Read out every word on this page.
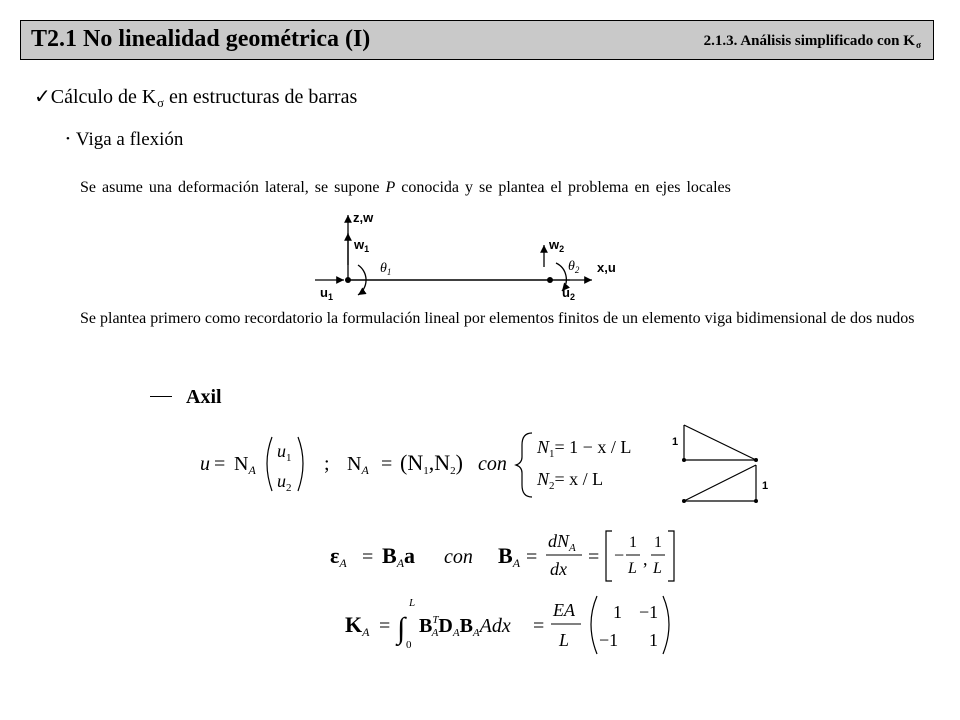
T2.1 No linealidad geométrica (I)	2.1.3. Análisis simplificado con $K_\sigma$
✓Cálculo de $K_\sigma$ en estructuras de barras
• Viga a flexión
Se asume una deformación lateral, se supone P conocida y se plantea el problema en ejes locales
z,w
$w_1$
$u_1$
$\theta_1$
$w_2$
$\theta_2$ x,u
$u_2$
Se plantea primero como recordatorio la formulación lineal por elementos finitos de un elemento viga bidimensional de dos nudos
Axil
$u = N_A$
$u_1$
$u_2$
; $N_A = (N1,N2)$ con
$N_1= 1 - x / L$
$N_2= x / L$
1
1
εA = BAa con BA =
$dN_A$
dx
= −
1
L ,
1
L
KA = ∫
L
0
$B^T$ $AD_AB_AAdx$ =
EA
L
1 −1
−1 1
